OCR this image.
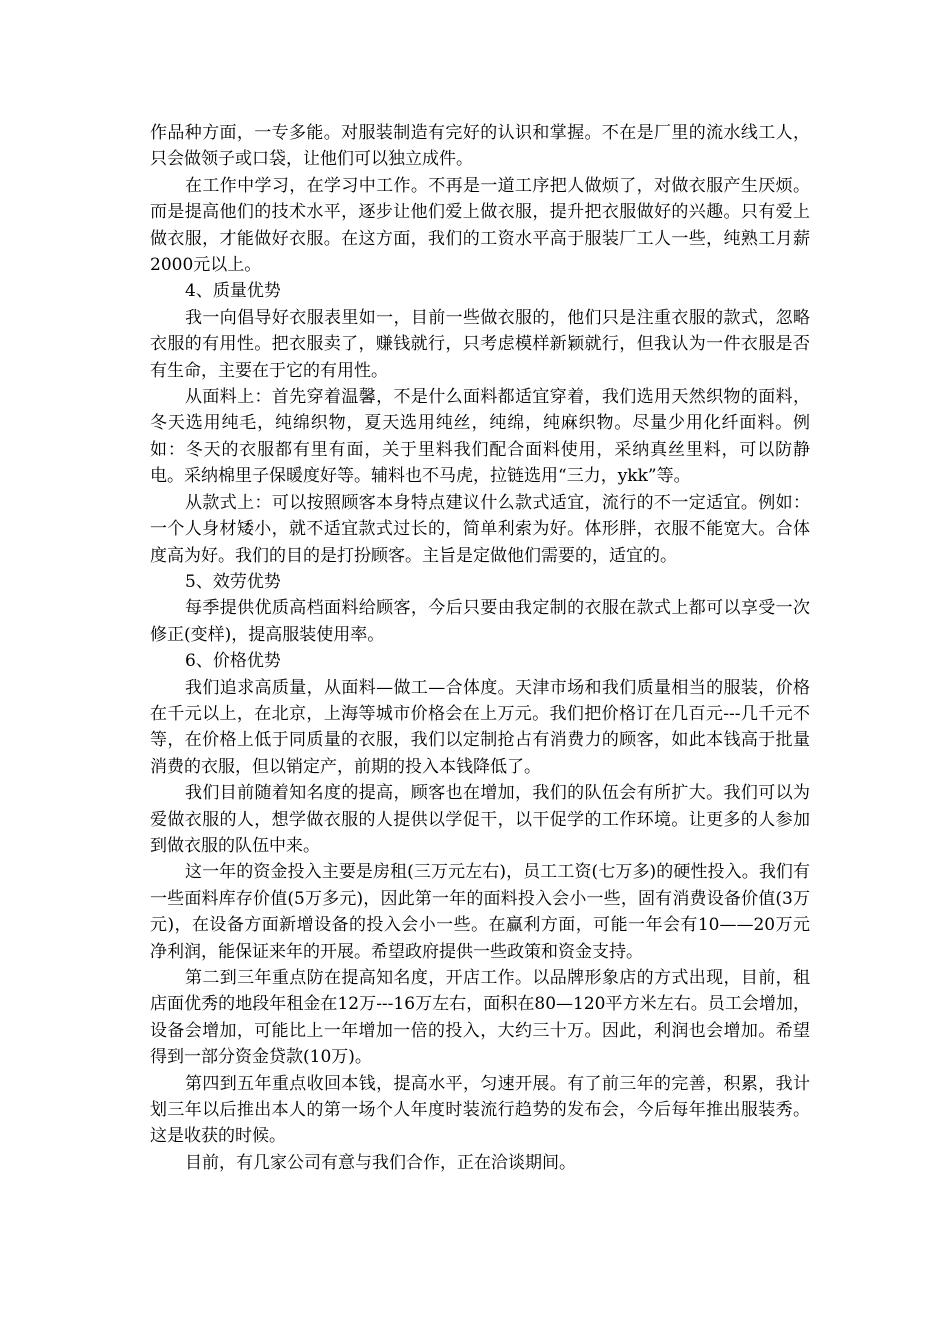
作品种方面，一专多能。对服装制造有完好的认识和掌握。不在是厂里的流水线工人，只会做领子或口袋，让他们可以独立成件。

在工作中学习，在学习中工作。不再是一道工序把人做烦了，对做衣服产生厌烦。而是提高他们的技术水平，逐步让他们爱上做衣服，提升把衣服做好的兴趣。只有爱上做衣服，才能做好衣服。在这方面，我们的工资水平高于服装厂工人一些，纯熟工月薪2000元以上。

4、质量优势

我一向倡导好衣服表里如一，目前一些做衣服的，他们只是注重衣服的款式，忽略衣服的有用性。把衣服卖了，赚钱就行，只考虑模样新颖就行，但我认为一件衣服是否有生命，主要在于它的有用性。

从面料上：首先穿着温馨，不是什么面料都适宜穿着，我们选用天然织物的面料，冬天选用纯毛，纯绵织物，夏天选用纯丝，纯绵，纯麻织物。尽量少用化纤面料。例如：冬天的衣服都有里有面，关于里料我们配合面料使用，采纳真丝里料，可以防静电。采纳棉里子保暖度好等。辅料也不马虎，拉链选用“三力，ykk”等。

从款式上：可以按照顾客本身特点建议什么款式适宜，流行的不一定适宜。例如：一个人身材矮小，就不适宜款式过长的，简单利索为好。体形胖，衣服不能宽大。合体度高为好。我们的目的是打扮顾客。主旨是定做他们需要的，适宜的。

5、效劳优势

每季提供优质高档面料给顾客，今后只要由我定制的衣服在款式上都可以享受一次修正(变样)，提高服装使用率。

6、价格优势

我们追求高质量，从面料—做工—合体度。天津市场和我们质量相当的服装，价格在千元以上，在北京，上海等城市价格会在上万元。我们把价格订在几百元---几千元不等，在价格上低于同质量的衣服，我们以定制抢占有消费力的顾客，如此本钱高于批量消费的衣服，但以销定产，前期的投入本钱降低了。

我们目前随着知名度的提高，顾客也在增加，我们的队伍会有所扩大。我们可以为爱做衣服的人，想学做衣服的人提供以学促干，以干促学的工作环境。让更多的人参加到做衣服的队伍中来。

这一年的资金投入主要是房租(三万元左右)，员工工资(七万多)的硬性投入。我们有一些面料库存价值(5万多元)，因此第一年的面料投入会小一些，固有消费设备价值(3万元)，在设备方面新增设备的投入会小一些。在赢利方面，可能一年会有10——20万元净利润，能保证来年的开展。希望政府提供一些政策和资金支持。

第二到三年重点防在提高知名度，开店工作。以品牌形象店的方式出现，目前，租店面优秀的地段年租金在12万---16万左右，面积在80—120平方米左右。员工会增加，设备会增加，可能比上一年增加一倍的投入，大约三十万。因此，利润也会增加。希望得到一部分资金贷款(10万)。

第四到五年重点收回本钱，提高水平，匀速开展。有了前三年的完善，积累，我计划三年以后推出本人的第一场个人年度时装流行趋势的发布会，今后每年推出服装秀。这是收获的时候。

目前，有几家公司有意与我们合作，正在洽谈期间。
